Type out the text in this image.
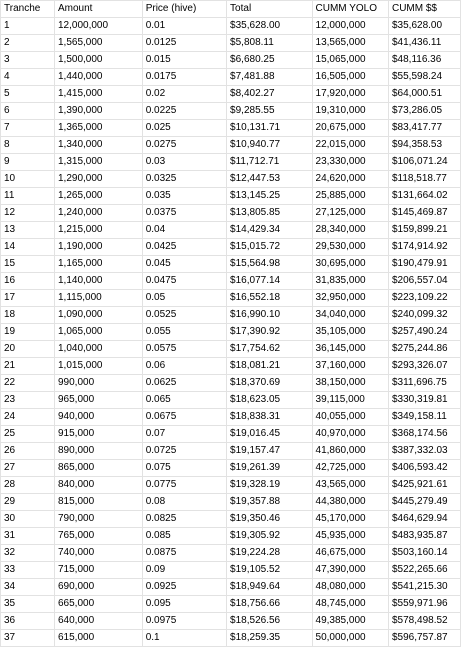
Tranche	Amount	Price (hive)	Total	CUMM YOLO	CUMM $$
1	12,000,000	0.01	$35,628.00	12,000,000	$35,628.00
2	1,565,000	0.0125	$5,808.11	13,565,000	$41,436.11
3	1,500,000	0.015	$6,680.25	15,065,000	$48,116.36
4	1,440,000	0.0175	$7,481.88	16,505,000	$55,598.24
5	1,415,000	0.02	$8,402.27	17,920,000	$64,000.51
6	1,390,000	0.0225	$9,285.55	19,310,000	$73,286.05
7	1,365,000	0.025	$10,131.71	20,675,000	$83,417.77
8	1,340,000	0.0275	$10,940.77	22,015,000	$94,358.53
9	1,315,000	0.03	$11,712.71	23,330,000	$106,071.24
10	1,290,000	0.0325	$12,447.53	24,620,000	$118,518.77
11	1,265,000	0.035	$13,145.25	25,885,000	$131,664.02
12	1,240,000	0.0375	$13,805.85	27,125,000	$145,469.87
13	1,215,000	0.04	$14,429.34	28,340,000	$159,899.21
14	1,190,000	0.0425	$15,015.72	29,530,000	$174,914.92
15	1,165,000	0.045	$15,564.98	30,695,000	$190,479.91
16	1,140,000	0.0475	$16,077.14	31,835,000	$206,557.04
17	1,115,000	0.05	$16,552.18	32,950,000	$223,109.22
18	1,090,000	0.0525	$16,990.10	34,040,000	$240,099.32
19	1,065,000	0.055	$17,390.92	35,105,000	$257,490.24
20	1,040,000	0.0575	$17,754.62	36,145,000	$275,244.86
21	1,015,000	0.06	$18,081.21	37,160,000	$293,326.07
22	990,000	0.0625	$18,370.69	38,150,000	$311,696.75
23	965,000	0.065	$18,623.05	39,115,000	$330,319.81
24	940,000	0.0675	$18,838.31	40,055,000	$349,158.11
25	915,000	0.07	$19,016.45	40,970,000	$368,174.56
26	890,000	0.0725	$19,157.47	41,860,000	$387,332.03
27	865,000	0.075	$19,261.39	42,725,000	$406,593.42
28	840,000	0.0775	$19,328.19	43,565,000	$425,921.61
29	815,000	0.08	$19,357.88	44,380,000	$445,279.49
30	790,000	0.0825	$19,350.46	45,170,000	$464,629.94
31	765,000	0.085	$19,305.92	45,935,000	$483,935.87
32	740,000	0.0875	$19,224.28	46,675,000	$503,160.14
33	715,000	0.09	$19,105.52	47,390,000	$522,265.66
34	690,000	0.0925	$18,949.64	48,080,000	$541,215.30
35	665,000	0.095	$18,756.66	48,745,000	$559,971.96
36	640,000	0.0975	$18,526.56	49,385,000	$578,498.52
37	615,000	0.1	$18,259.35	50,000,000	$596,757.87
